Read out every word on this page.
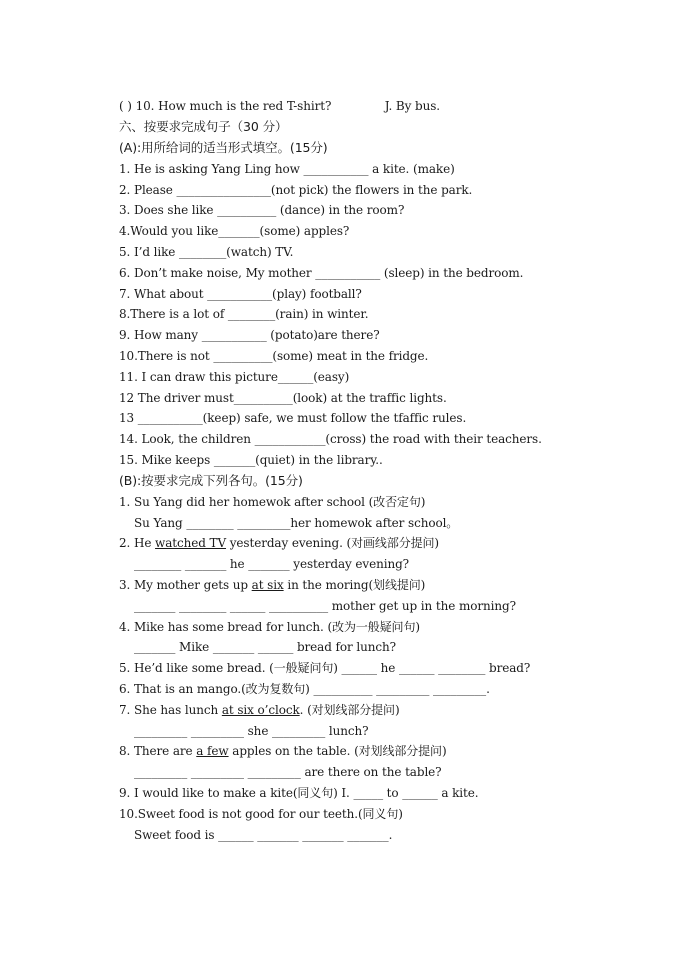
( ) 10. How much is the red T-shirt?	J. By bus.
六、按要求完成句子（30 分）
(A):用所给词的适当形式填空。(15分)
1. He is asking Yang Ling how ___________ a kite. (make)
2. Please ________________(not pick) the flowers in the park.
3. Does she like __________ (dance) in the room?
4.Would you like_______(some) apples?
5. I’d like ________(watch) TV.
6. Don’t make noise, My mother ___________ (sleep) in the bedroom.
7. What about ___________(play) football?
8.There is a lot of ________(rain) in winter.
9. How many ___________ (potato)are there?
10.There is not __________(some) meat in the fridge.
11. I can draw this picture______(easy)
12 The driver must__________(look) at the traffic lights.
13 ___________(keep) safe, we must follow the tfaffic rules.
14. Look, the children ____________(cross) the road with their teachers.
15. Mike keeps _______(quiet) in the library..
(B):按要求完成下列各句。(15分)
1. Su Yang did her homewok after school (改否定句)
Su Yang ________ _________her homewok after school。
2. He watched TV yesterday evening. (对画线部分提问)
________ _______ he _______ yesterday evening?
3. My mother gets up at six in the moring(划线提问)
_______ ________ ______ __________ mother get up in the morning?
4. Mike has some bread for lunch. (改为一般疑问句)
_______ Mike _______ ______ bread for lunch?
5. He’d like some bread. (一般疑问句) ______ he ______ ________ bread?
6. That is an mango.(改为复数句) __________ _________ _________.
7. She has lunch at six o’clock. (对划线部分提问)
_________ _________ she _________ lunch?
8. There are a few apples on the table. (对划线部分提问)
_________ _________ _________ are there on the table?
9. I would like to make a kite(同义句) I. _____ to ______ a kite.
10.Sweet food is not good for our teeth.(同义句)
Sweet food is ______ _______ _______ _______.
